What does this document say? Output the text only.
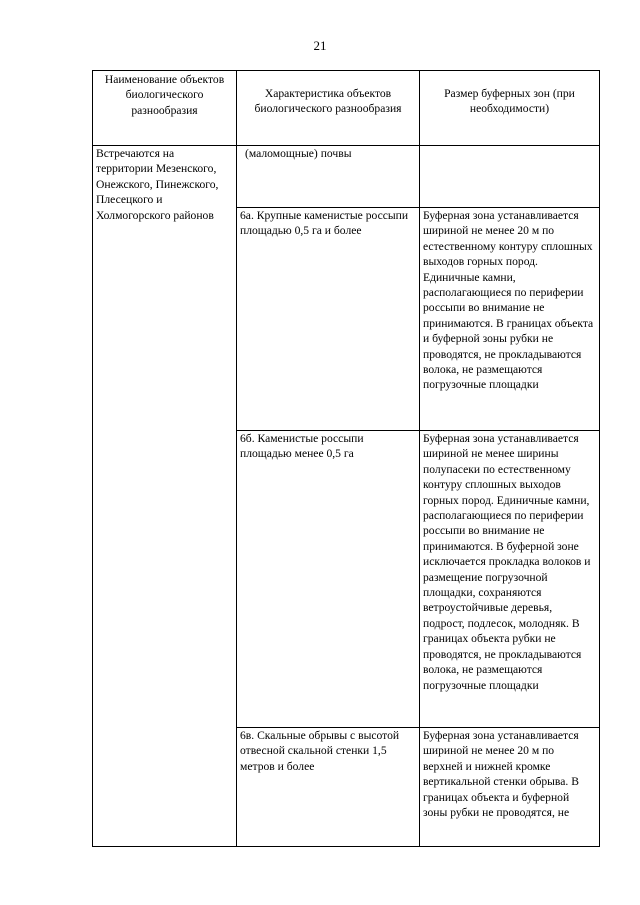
21
Наименование объектов биологического разнообразия	Характеристика объектов биологического разнообразия	Размер буферных зон (при необходимости)
Встречаются на территории Мезенского, Онежского, Пинежского, Плесецкого и Холмогорского районов	(маломощные) почвы	
	6а. Крупные каменистые россыпи площадью 0,5 га и более	Буферная зона устанавливается шириной не менее 20 м по естественному контуру сплошных выходов горных пород. Единичные камни, располагающиеся по периферии россыпи во внимание не принимаются. В границах объекта и буферной зоны рубки не проводятся, не прокладываются волока, не размещаются погрузочные площадки
	6б. Каменистые россыпи площадью менее 0,5 га	Буферная зона устанавливается шириной не менее ширины полупасеки по естественному контуру сплошных выходов горных пород. Единичные камни, располагающиеся по периферии россыпи во внимание не принимаются. В буферной зоне исключается прокладка волоков и размещение погрузочной площадки, сохраняются ветроустойчивые деревья, подрост, подлесок, молодняк. В границах объекта рубки не проводятся, не прокладываются волока, не размещаются погрузочные площадки
	6в. Скальные обрывы с высотой отвесной скальной стенки 1,5 метров и более	Буферная зона устанавливается шириной не менее 20 м по верхней и нижней кромке вертикальной стенки обрыва. В границах объекта и буферной зоны рубки не проводятся, не
